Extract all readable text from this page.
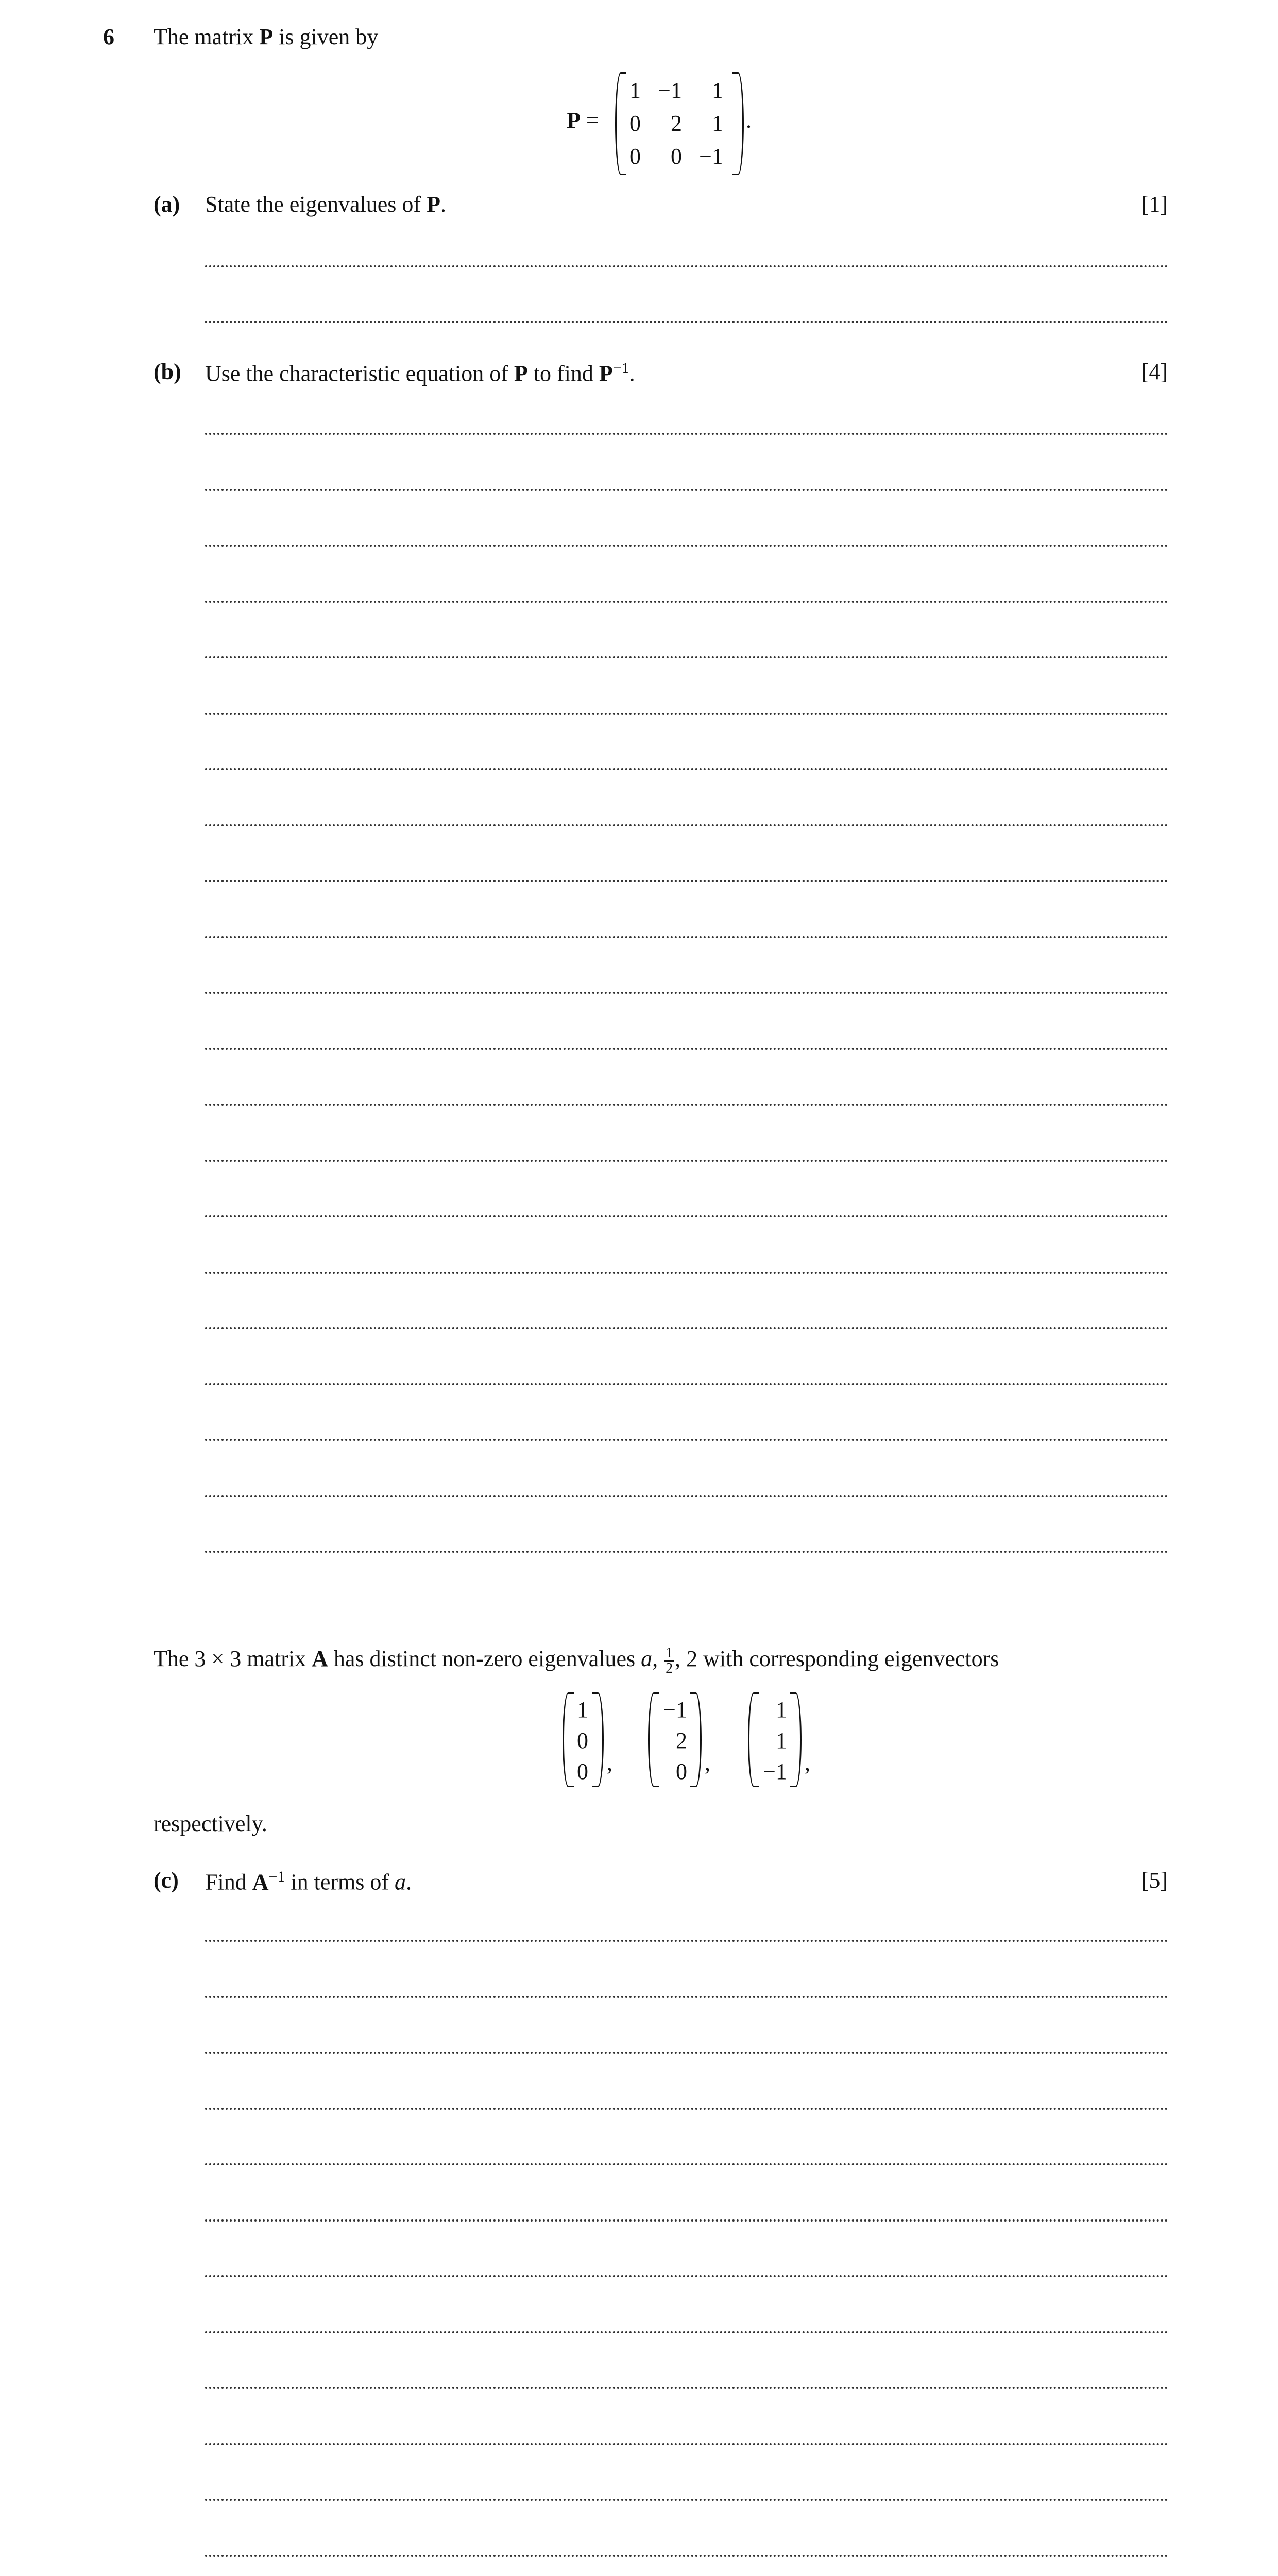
6 The matrix P is given by
P =
1 −1	1
0	2	1
0	0 −1
.
(a) State the eigenvalues of P.	[1]
(b) Use the characteristic equation of P to find $P^{-1}$.	[4]
The 3 × 3 matrix A has distinct non-zero eigenvalues a, $\frac{1}{2}$ , 2 with corresponding eigenvectors
1
0
0 ,
−1
2
0 ,
1
1
−1 ,
respectively.
(c) Find $A^{-1}$ in terms of a.	[5]
